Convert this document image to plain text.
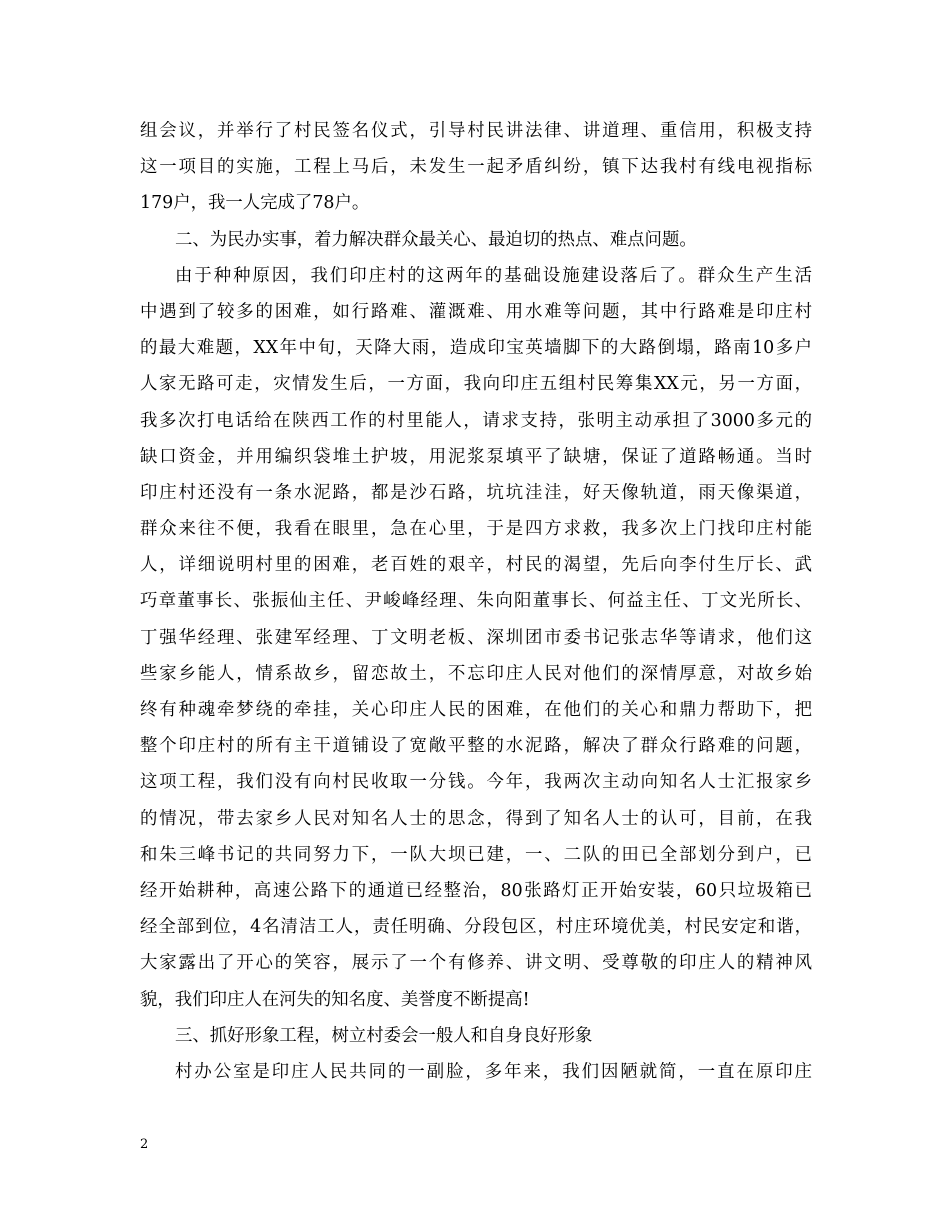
组会议，并举行了村民签名仪式，引导村民讲法律、讲道理、重信用，积极支持
这一项目的实施，工程上马后，未发生一起矛盾纠纷，镇下达我村有线电视指标
179户，我一人完成了78户。
二、为民办实事，着力解决群众最关心、最迫切的热点、难点问题。
由于种种原因，我们印庄村的这两年的基础设施建设落后了。群众生产生活
中遇到了较多的困难，如行路难、灌溉难、用水难等问题，其中行路难是印庄村
的最大难题，XX年中旬，天降大雨，造成印宝英墙脚下的大路倒塌，路南10多户
人家无路可走，灾情发生后，一方面，我向印庄五组村民筹集XX元，另一方面，
我多次打电话给在陕西工作的村里能人，请求支持，张明主动承担了3000多元的
缺口资金，并用编织袋堆土护坡，用泥浆泵填平了缺塘，保证了道路畅通。当时
印庄村还没有一条水泥路，都是沙石路，坑坑洼洼，好天像轨道，雨天像渠道，
群众来往不便，我看在眼里，急在心里，于是四方求救，我多次上门找印庄村能
人，详细说明村里的困难，老百姓的艰辛，村民的渴望，先后向李付生厅长、武
巧章董事长、张振仙主任、尹峻峰经理、朱向阳董事长、何益主任、丁文光所长、
丁强华经理、张建军经理、丁文明老板、深圳团市委书记张志华等请求，他们这
些家乡能人，情系故乡，留恋故土，不忘印庄人民对他们的深情厚意，对故乡始
终有种魂牵梦绕的牵挂，关心印庄人民的困难，在他们的关心和鼎力帮助下，把
整个印庄村的所有主干道铺设了宽敞平整的水泥路，解决了群众行路难的问题，
这项工程，我们没有向村民收取一分钱。今年，我两次主动向知名人士汇报家乡
的情况，带去家乡人民对知名人士的思念，得到了知名人士的认可，目前，在我
和朱三峰书记的共同努力下，一队大坝已建，一、二队的田已全部划分到户，已
经开始耕种，高速公路下的通道已经整治，80张路灯正开始安装，60只垃圾箱已
经全部到位，4名清洁工人，责任明确、分段包区，村庄环境优美，村民安定和谐，
大家露出了开心的笑容，展示了一个有修养、讲文明、受尊敬的印庄人的精神风
貌，我们印庄人在河失的知名度、美誉度不断提高!
三、抓好形象工程，树立村委会一般人和自身良好形象
村办公室是印庄人民共同的一副脸，多年来，我们因陋就简，一直在原印庄
2
